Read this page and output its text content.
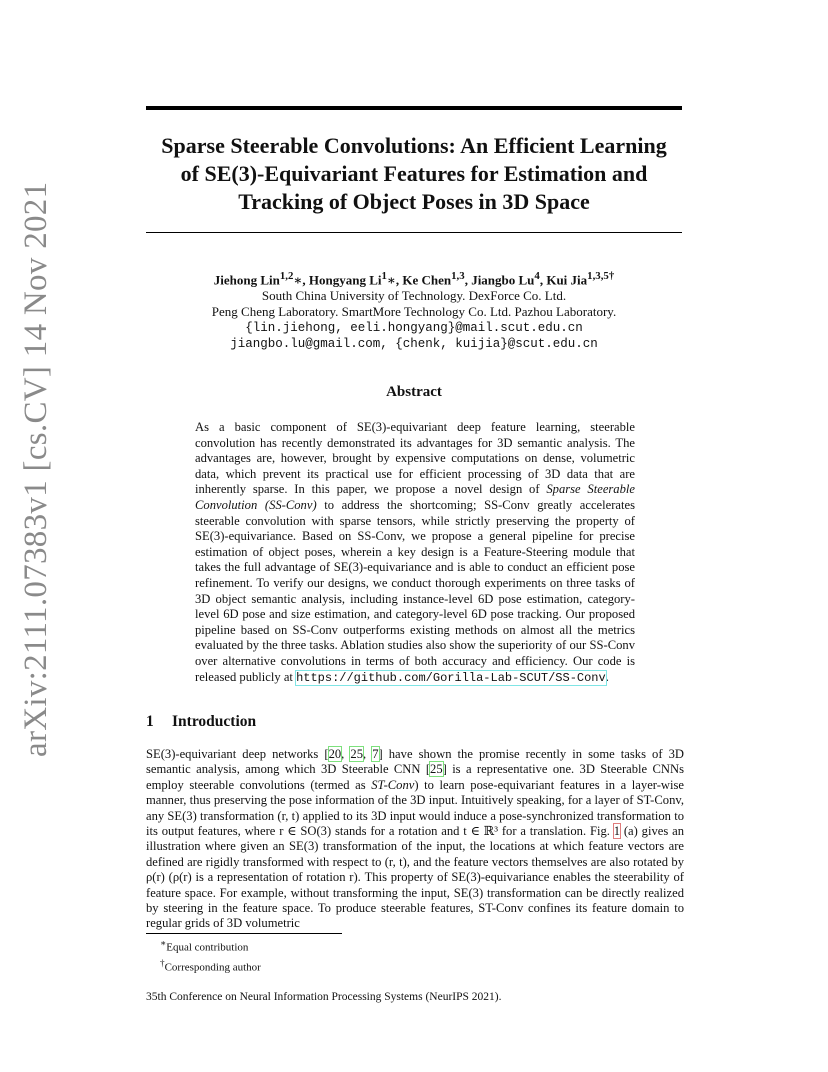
arXiv:2111.07383v1 [cs.CV] 14 Nov 2021
Sparse Steerable Convolutions: An Efficient Learning
of SE(3)-Equivariant Features for Estimation and
Tracking of Object Poses in 3D Space
Jiehong Lin$^{1,2}$∗, Hongyang Li$^1$∗, Ke Chen$^{1,3}$, Jiangbo Lu$^4$, Kui Jia$^{1,3,5\dagger}$
South China University of Technology. DexForce Co. Ltd.
Peng Cheng Laboratory. SmartMore Technology Co. Ltd. Pazhou Laboratory.
{lin.jiehong, eeli.hongyang}@mail.scut.edu.cn
jiangbo.lu@gmail.com, {chenk, kuijia}@scut.edu.cn
Abstract
As a basic component of SE(3)-equivariant deep feature learning, steerable convolution has recently demonstrated its advantages for 3D semantic analysis. The advantages are, however, brought by expensive computations on dense, volumetric data, which prevent its practical use for efficient processing of 3D data that are inherently sparse. In this paper, we propose a novel design of Sparse Steerable Convolution (SS-Conv) to address the shortcoming; SS-Conv greatly accelerates steerable convolution with sparse tensors, while strictly preserving the property of SE(3)-equivariance. Based on SS-Conv, we propose a general pipeline for precise estimation of object poses, wherein a key design is a Feature-Steering module that takes the full advantage of SE(3)-equivariance and is able to conduct an efficient pose refinement. To verify our designs, we conduct thorough experiments on three tasks of 3D object semantic analysis, including instance-level 6D pose estimation, category-level 6D pose and size estimation, and category-level 6D pose tracking. Our proposed pipeline based on SS-Conv outperforms existing methods on almost all the metrics evaluated by the three tasks. Ablation studies also show the superiority of our SS-Conv over alternative convolutions in terms of both accuracy and efficiency. Our code is released publicly at https://github.com/Gorilla-Lab-SCUT/SS-Conv.
1 Introduction
SE(3)-equivariant deep networks [20, 25, 7] have shown the promise recently in some tasks of 3D semantic analysis, among which 3D Steerable CNN [25] is a representative one. 3D Steerable CNNs employ steerable convolutions (termed as ST-Conv) to learn pose-equivariant features in a layer-wise manner, thus preserving the pose information of the 3D input. Intuitively speaking, for a layer of ST-Conv, any SE(3) transformation (r, t) applied to its 3D input would induce a pose-synchronized transformation to its output features, where r ∈ SO(3) stands for a rotation and t ∈ ℝ³ for a translation. Fig. 1 (a) gives an illustration where given an SE(3) transformation of the input, the locations at which feature vectors are defined are rigidly transformed with respect to (r, t), and the feature vectors themselves are also rotated by ρ(r) (ρ(r) is a representation of rotation r). This property of SE(3)-equivariance enables the steerability of feature space. For example, without transforming the input, SE(3) transformation can be directly realized by steering in the feature space. To produce steerable features, ST-Conv confines its feature domain to regular grids of 3D volumetric
∗Equal contribution
†Corresponding author
35th Conference on Neural Information Processing Systems (NeurIPS 2021).
